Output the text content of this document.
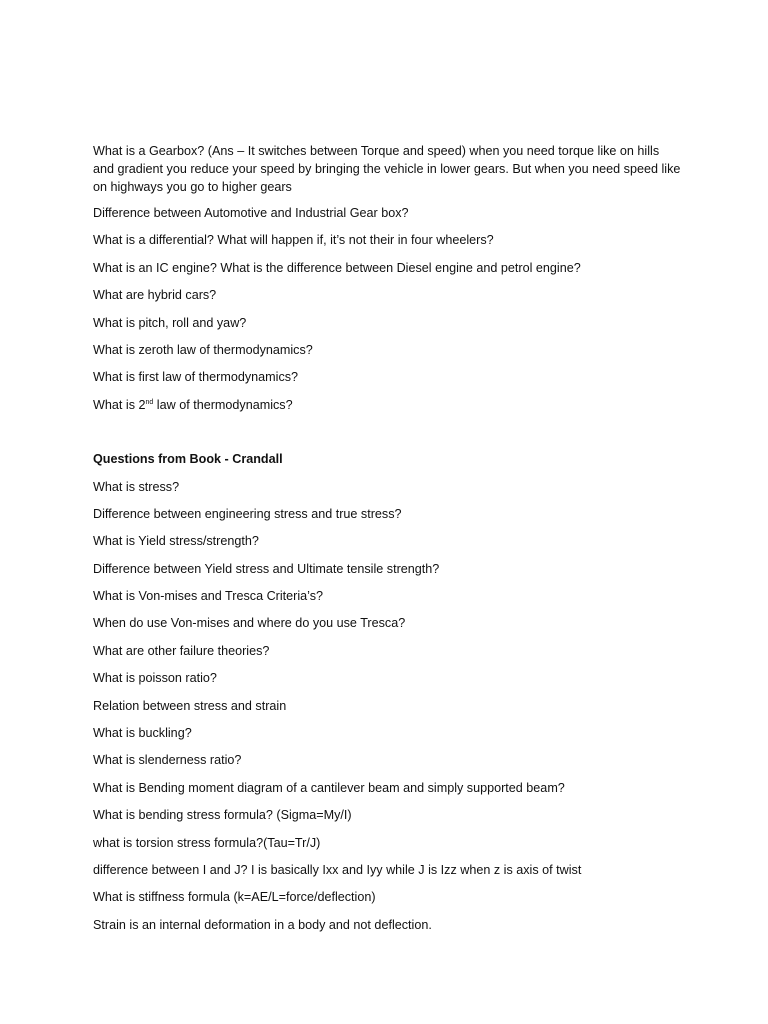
What is a Gearbox? (Ans – It switches between Torque and speed) when you need torque like on hills and gradient you reduce your speed by bringing the vehicle in lower gears. But when you need speed like on highways you go to higher gears

Difference between Automotive and Industrial Gear box?

What is a differential? What will happen if, it’s not their in four wheelers?

What is an IC engine? What is the difference between Diesel engine and petrol engine?

What are hybrid cars?

What is pitch, roll and yaw?

What is zeroth law of thermodynamics?

What is first law of thermodynamics?

What is 2nd law of thermodynamics?

Questions from Book - Crandall

What is stress?

Difference between engineering stress and true stress?

What is Yield stress/strength?

Difference between Yield stress and Ultimate tensile strength?

What is Von-mises and Tresca Criteria’s?

When do use Von-mises and where do you use Tresca?

What are other failure theories?

What is poisson ratio?

Relation between stress and strain

What is buckling?

What is slenderness ratio?

What is Bending moment diagram of a cantilever beam and simply supported beam?

What is bending stress formula? (Sigma=My/I)

what is torsion stress formula?(Tau=Tr/J)

difference between I and J? I is basically Ixx and Iyy while J is Izz when z is axis of twist

What is stiffness formula (k=AE/L=force/deflection)

Strain is an internal deformation in a body and not deflection.
